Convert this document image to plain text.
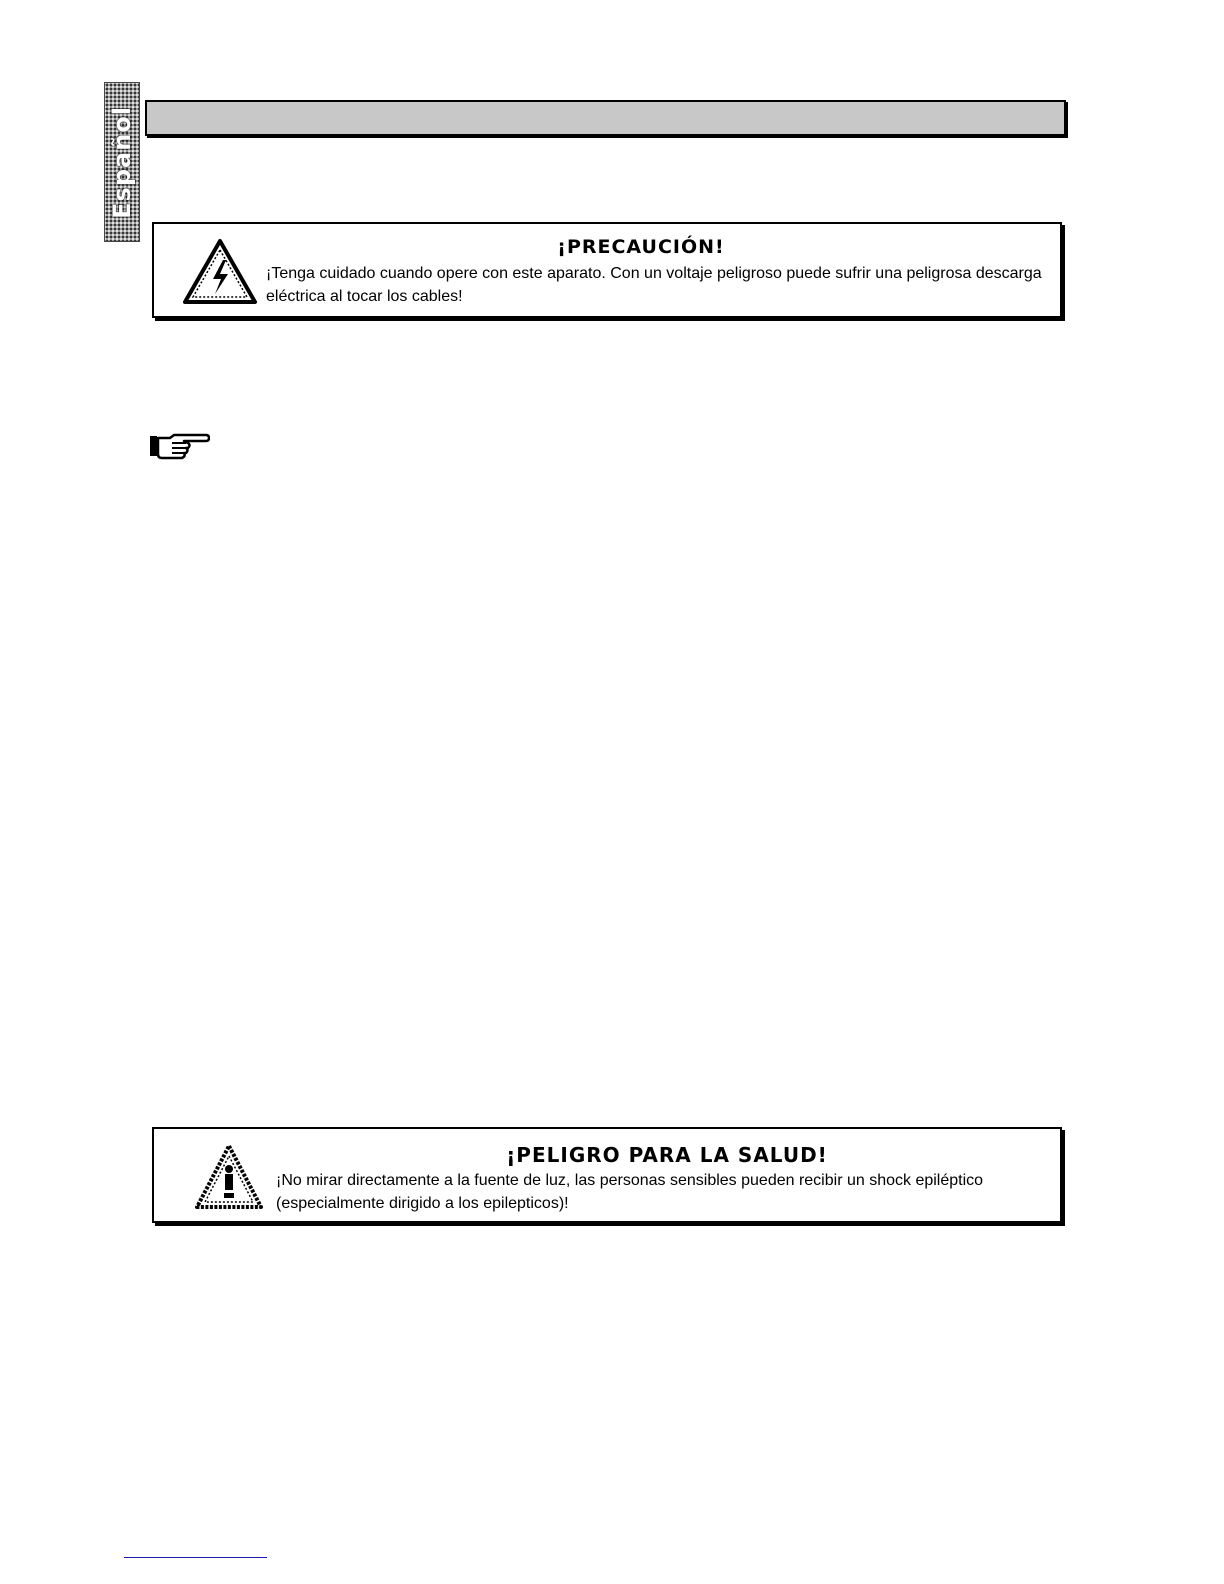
Español
¡PRECAUCIÓN!
¡Tenga cuidado cuando opere con este aparato. Con un voltaje peligroso puede sufrir una peligrosa descarga eléctrica al tocar los cables!
¡PELIGRO PARA LA SALUD!
¡No mirar directamente a la fuente de luz, las personas sensibles pueden recibir un shock epiléptico (especialmente dirigido a los epilepticos)!
